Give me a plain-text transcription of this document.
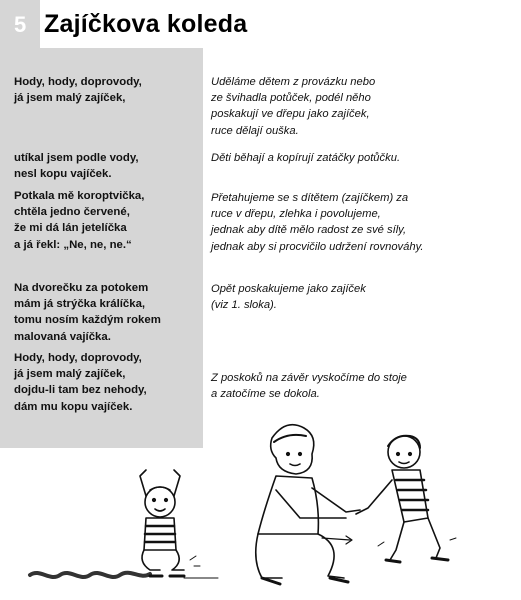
5 Zajíčkova koleda
Hody, hody, doprovody,
já jsem malý zajíček,
Uděláme dětem z provázku nebo
ze švihadla potůček, podél něho
poskakují ve dřepu jako zajíček,
ruce dělají ouška.
utíkal jsem podle vody,
nesl kopu vajíček.
Děti běhají a kopírují zatáčky potůčku.
Potkala mě koroptvička,
chtěla jedno červené,
že mi dá lán jetelíčka
a já řekl: „Ne, ne, ne.“
Přetahujeme se s dítětem (zajíčkem) za
ruce v dřepu, zlehka i povolujeme,
jednak aby dítě mělo radost ze své síly,
jednak aby si procvičilo udržení rovnováhy.
Na dvorečku za potokem
mám já strýčka králíčka,
tomu nosím každým rokem
malovaná vajíčka.
Opět poskakujeme jako zajíček
(viz 1. sloka).
Hody, hody, doprovody,
já jsem malý zajíček,
dojdu-li tam bez nehody,
dám mu kopu vajíček.
Z poskoků na závěr vyskočíme do stoje
a zatočíme se dokola.
